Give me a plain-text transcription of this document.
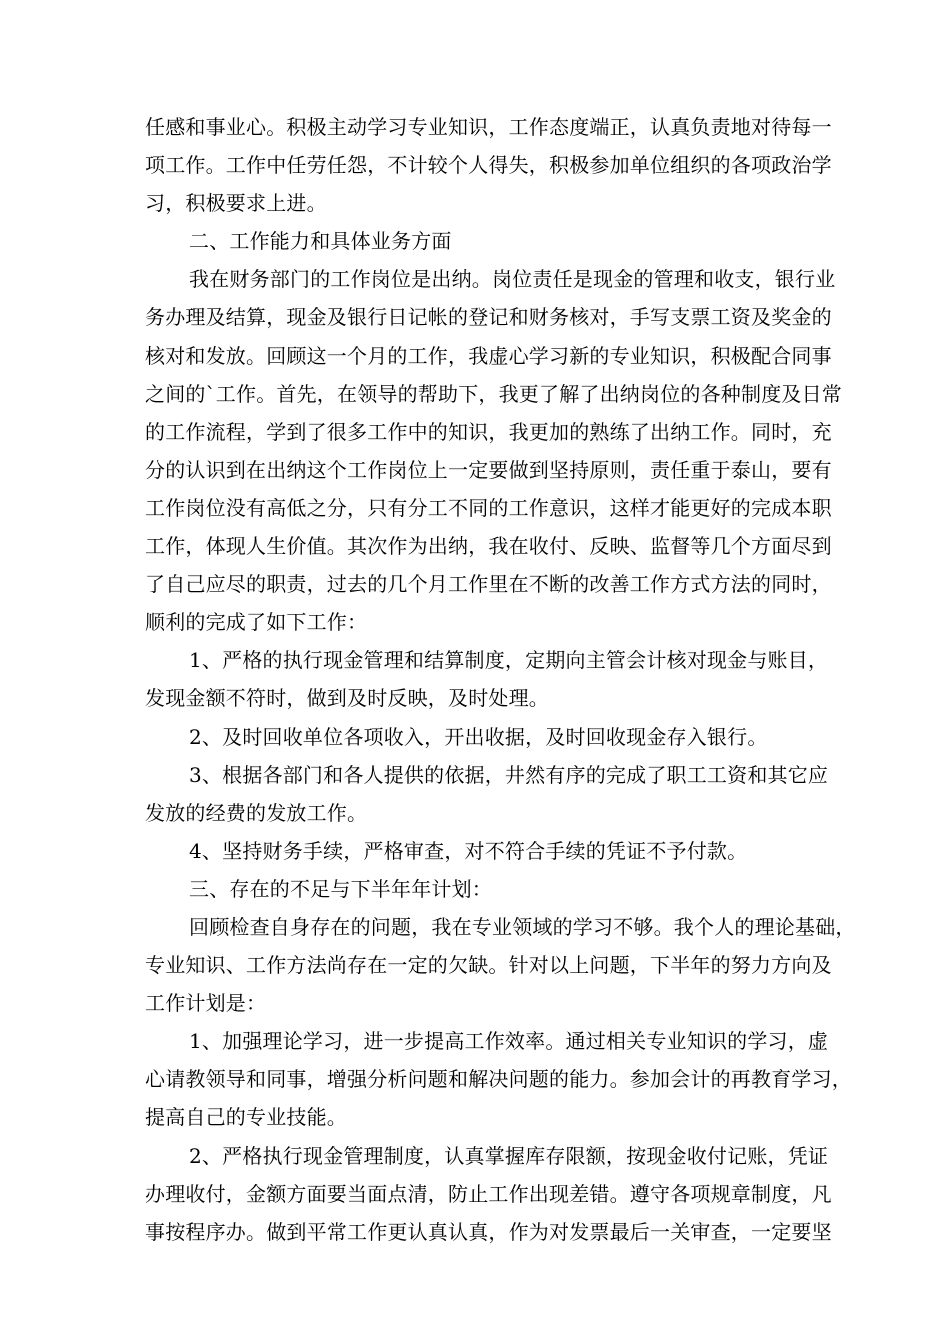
任感和事业心。积极主动学习专业知识，工作态度端正，认真负责地对待每一
项工作。工作中任劳任怨，不计较个人得失，积极参加单位组织的各项政治学
习，积极要求上进。
二、工作能力和具体业务方面
我在财务部门的工作岗位是出纳。岗位责任是现金的管理和收支，银行业
务办理及结算，现金及银行日记帐的登记和财务核对，手写支票工资及奖金的
核对和发放。回顾这一个月的工作，我虚心学习新的专业知识，积极配合同事
之间的`工作。首先，在领导的帮助下，我更了解了出纳岗位的各种制度及日常
的工作流程，学到了很多工作中的知识，我更加的熟练了出纳工作。同时，充
分的认识到在出纳这个工作岗位上一定要做到坚持原则，责任重于泰山，要有
工作岗位没有高低之分，只有分工不同的工作意识，这样才能更好的完成本职
工作，体现人生价值。其次作为出纳，我在收付、反映、监督等几个方面尽到
了自己应尽的职责，过去的几个月工作里在不断的改善工作方式方法的同时，
顺利的完成了如下工作：
1、严格的执行现金管理和结算制度，定期向主管会计核对现金与账目，
发现金额不符时，做到及时反映，及时处理。
2、及时回收单位各项收入，开出收据，及时回收现金存入银行。
3、根据各部门和各人提供的依据，井然有序的完成了职工工资和其它应
发放的经费的发放工作。
4、坚持财务手续，严格审查，对不符合手续的凭证不予付款。
三、存在的不足与下半年年计划：
回顾检查自身存在的问题，我在专业领域的学习不够。我个人的理论基础，
专业知识、工作方法尚存在一定的欠缺。针对以上问题，下半年的努力方向及
工作计划是：
1、加强理论学习，进一步提高工作效率。通过相关专业知识的学习，虚
心请教领导和同事，增强分析问题和解决问题的能力。参加会计的再教育学习，
提高自己的专业技能。
2、严格执行现金管理制度，认真掌握库存限额，按现金收付记账，凭证
办理收付，金额方面要当面点清，防止工作出现差错。遵守各项规章制度，凡
事按程序办。做到平常工作更认真认真，作为对发票最后一关审查，一定要坚
